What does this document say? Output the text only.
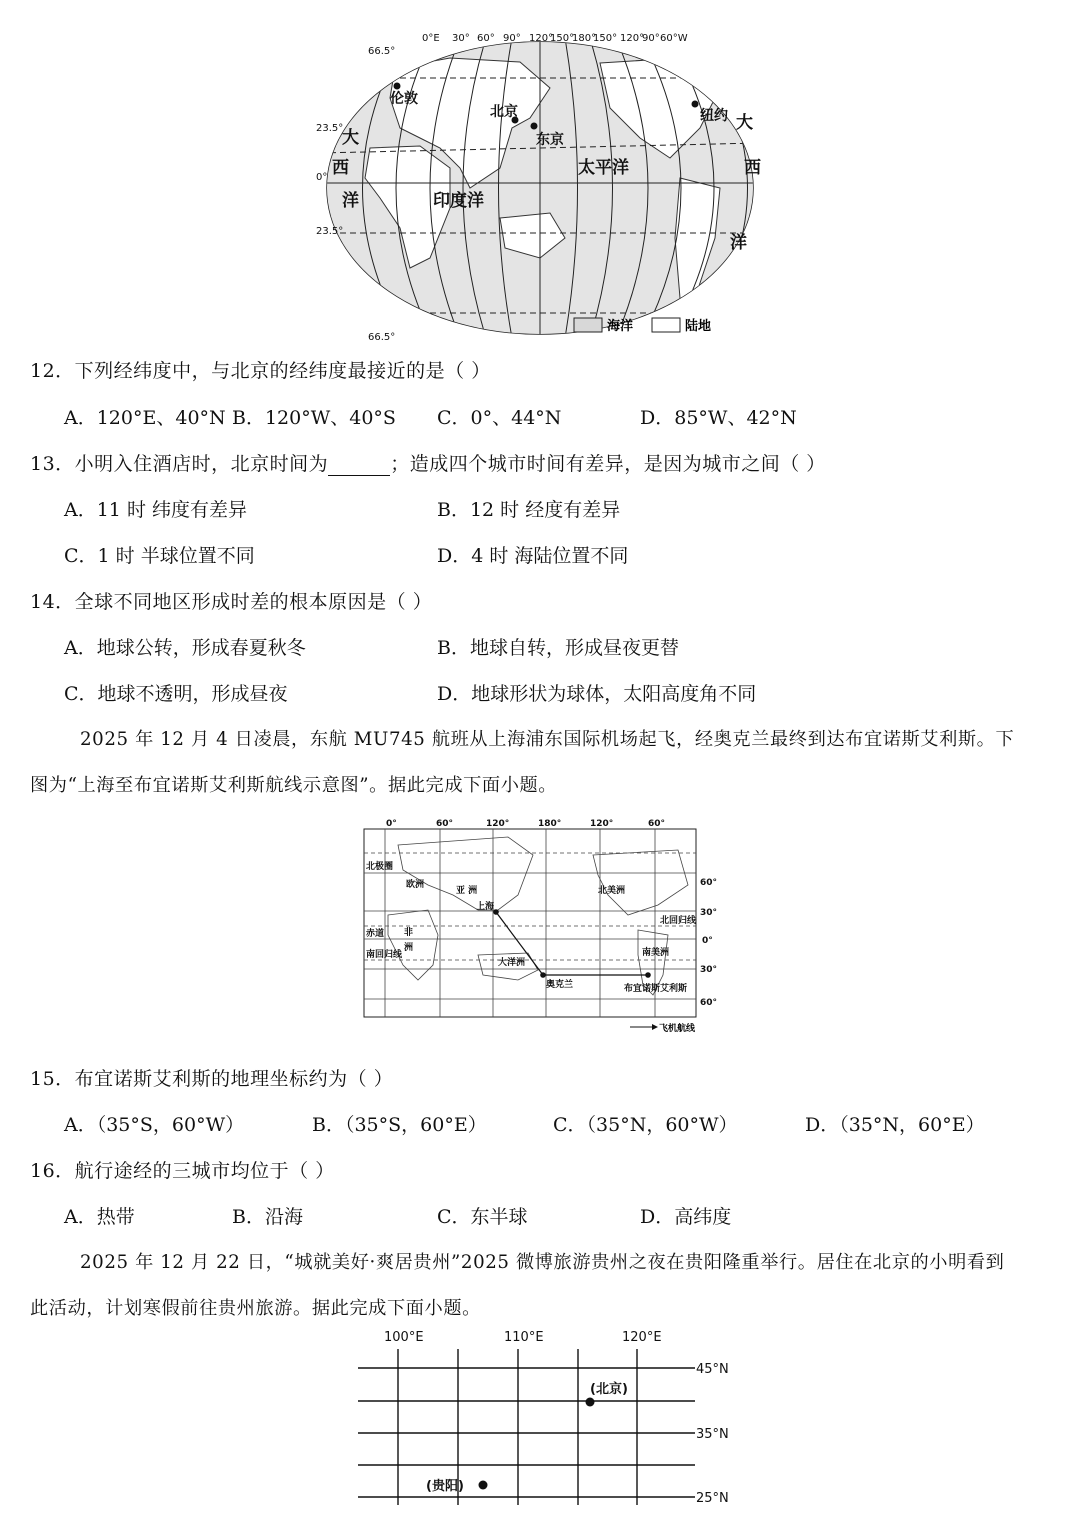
0°E 30° 60° 90° 120°
150°
180°
150° 120°
90° 60°W
66.5°
23.5°
0°
23.5°
66.5°
伦敦
北京
东京
纽约
大
西
洋	印度洋
太平洋
大
西
洋
海洋	陆地
12．下列经纬度中，与北京的经纬度最接近的是（ ）
A．120°E、40°N B．120°W、40°S C．0°、44°N	D．85°W、42°N
13．小明入住酒店时，北京时间为	；造成四个城市时间有差异，是因为城市之间（ ）
A．11 时 纬度有差异	B．12 时 经度有差异
C．1 时 半球位置不同	D．4 时 海陆位置不同
14．全球不同地区形成时差的根本原因是（ ）
A．地球公转，形成春夏秋冬	B．地球自转，形成昼夜更替
C．地球不透明，形成昼夜	D．地球形状为球体，太阳高度角不同
2025 年 12 月 4 日凌晨，东航 MU745 航班从上海浦东国际机场起飞，经奥克兰最终到达布宜诺斯艾利斯。下
图为“上海至布宜诺斯艾利斯航线示意图”。据此完成下面小题。
0°	60°	120°	180°	120°	60°
60°
30°
0°
30°
60°
北极圈
赤道
南回归线
北回归线
欧洲
亚 洲	北美洲
非
洲
大洋洲
南美洲
上海
奥克兰	布宜诺斯艾利斯
飞机航线
15．布宜诺斯艾利斯的地理坐标约为（ ）
A．（35°S，60°W）	B．（35°S，60°E）	C．（35°N，60°W）	D．（35°N，60°E）
16．航行途经的三城市均位于（ ）
A．热带	B．沿海	C．东半球	D．高纬度
2025 年 12 月 22 日，“城就美好·爽居贵州”2025 微博旅游贵州之夜在贵阳隆重举行。居住在北京的小明看到
此活动，计划寒假前往贵州旅游。据此完成下面小题。
100°E	110°E	120°E
45°N
35°N
25°N
(北京)
(贵阳)
